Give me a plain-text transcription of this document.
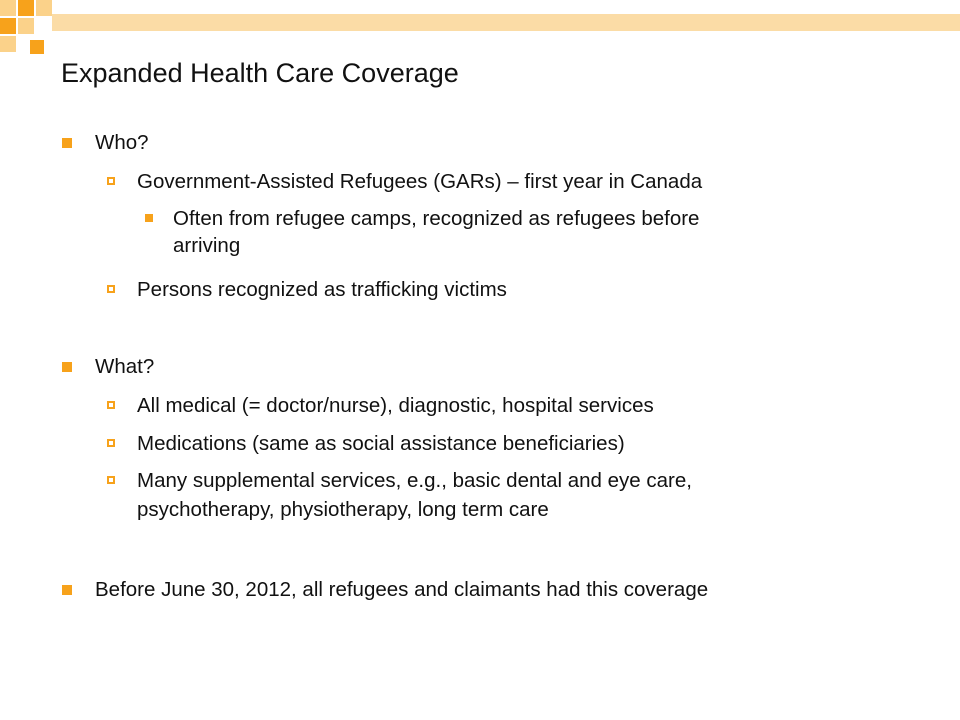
Expanded Health Care Coverage
Who?
Government-Assisted Refugees (GARs) – first year in Canada
Often from refugee camps, recognized as refugees before
arriving
Persons recognized as trafficking victims
What?
All medical (= doctor/nurse), diagnostic, hospital services
Medications (same as social assistance beneficiaries)
Many supplemental services, e.g., basic dental and eye care,
psychotherapy, physiotherapy, long term care
Before June 30, 2012, all refugees and claimants had this coverage
